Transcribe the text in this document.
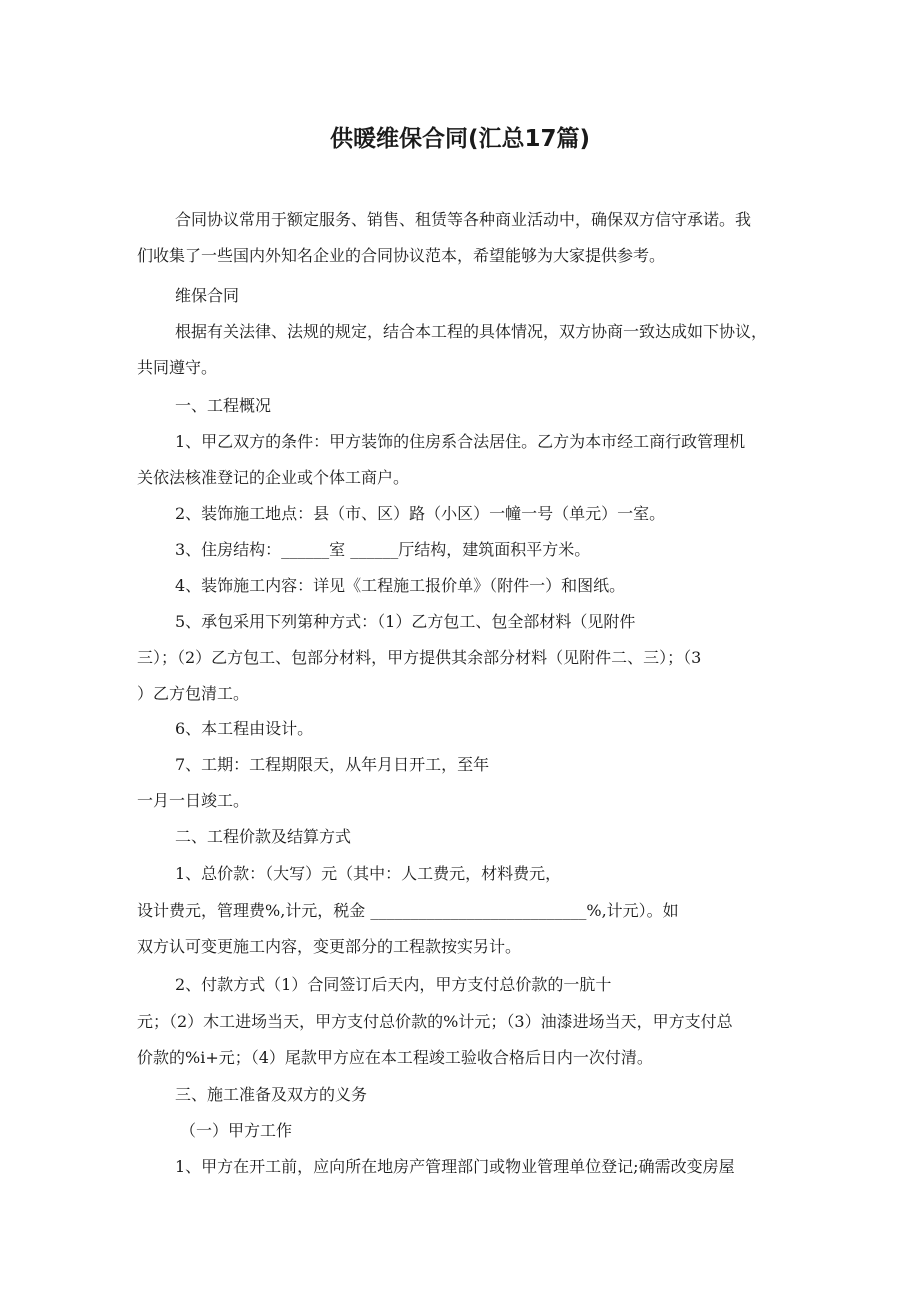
供暖维保合同(汇总17篇)
合同协议常用于额定服务、销售、租赁等各种商业活动中，确保双方信守承诺。我
们收集了一些国内外知名企业的合同协议范本，希望能够为大家提供参考。
维保合同
根据有关法律、法规的规定，结合本工程的具体情况，双方协商一致达成如下协议，
共同遵守。
一、工程概况
1、甲乙双方的条件：甲方装饰的住房系合法居住。乙方为本市经工商行政管理机
关依法核准登记的企业或个体工商户。
2、装饰施工地点：县（市、区）路（小区）一幢一号（单元）一室。
3、住房结构：______室 ______厅结构，建筑面积平方米。
4、装饰施工内容：详见《工程施工报价单》（附件一）和图纸。
5、承包采用下列第种方式：（1）乙方包工、包全部材料（见附件
三）；（2）乙方包工、包部分材料，甲方提供其余部分材料（见附件二、三）；（3
）乙方包清工。
6、本工程由设计。
7、工期：工程期限天，从年月日开工，至年
一月一日竣工。
二、工程价款及结算方式
1、总价款：（大写）元（其中：人工费元，材料费元，
设计费元，管理费%,计元，税金 ___________________________%,计元）。如
双方认可变更施工内容，变更部分的工程款按实另计。
2、付款方式（1）合同签订后天内，甲方支付总价款的一肮十
元；（2）木工进场当天，甲方支付总价款的%计元；（3）油漆进场当天，甲方支付总
价款的%i+元；（4）尾款甲方应在本工程竣工验收合格后日内一次付清。
三、施工准备及双方的义务
（一）甲方工作
1、甲方在开工前，应向所在地房产管理部门或物业管理单位登记;确需改变房屋
